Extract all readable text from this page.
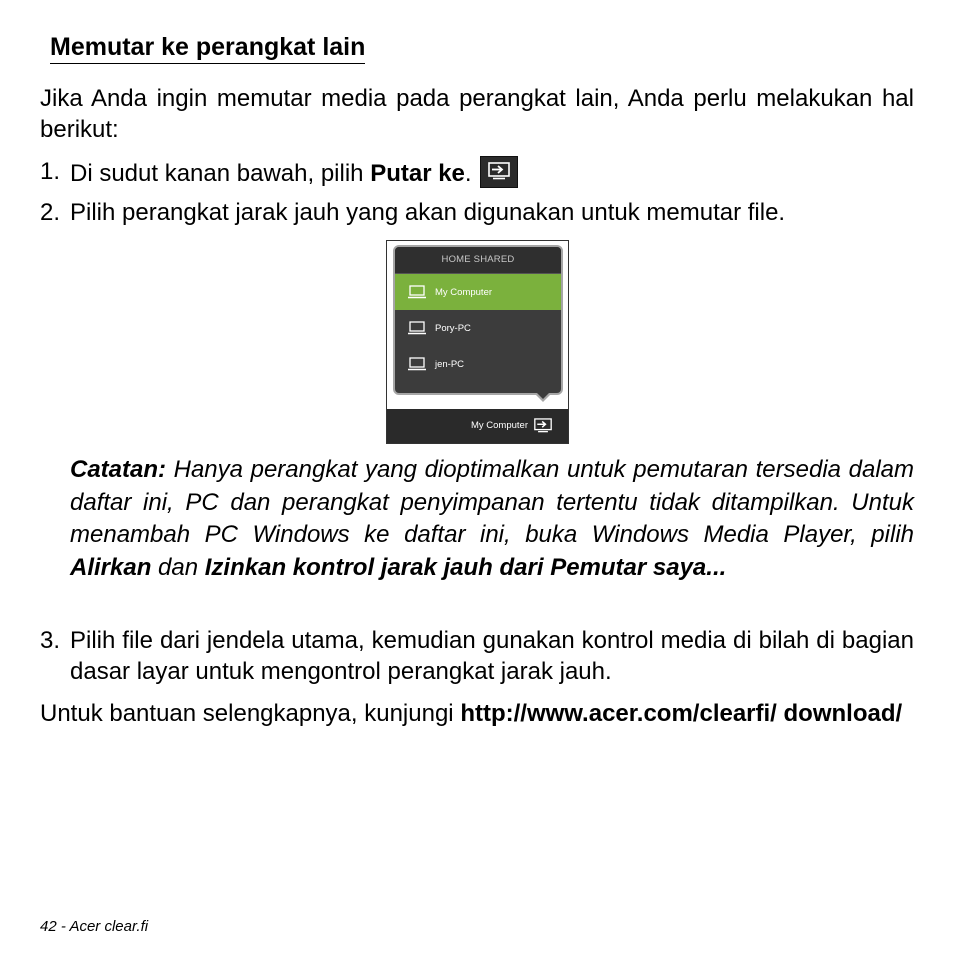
Memutar ke perangkat lain
Jika Anda ingin memutar media pada perangkat lain, Anda perlu melakukan hal berikut:
1. Di sudut kanan bawah, pilih Putar ke.
2. Pilih perangkat jarak jauh yang akan digunakan untuk memutar file.
HOME SHARED
My Computer
Pory-PC
jen-PC
My Computer
Catatan: Hanya perangkat yang dioptimalkan untuk pemutaran tersedia dalam daftar ini, PC dan perangkat penyimpanan tertentu tidak ditampilkan. Untuk menambah PC Windows ke daftar ini, buka Windows Media Player, pilih Alirkan dan Izinkan kontrol jarak jauh dari Pemutar saya...
3. Pilih file dari jendela utama, kemudian gunakan kontrol media di bilah di bagian dasar layar untuk mengontrol perangkat jarak jauh.
Untuk bantuan selengkapnya, kunjungi http://www.acer.com/clearfi/ download/
42 - Acer clear.fi
